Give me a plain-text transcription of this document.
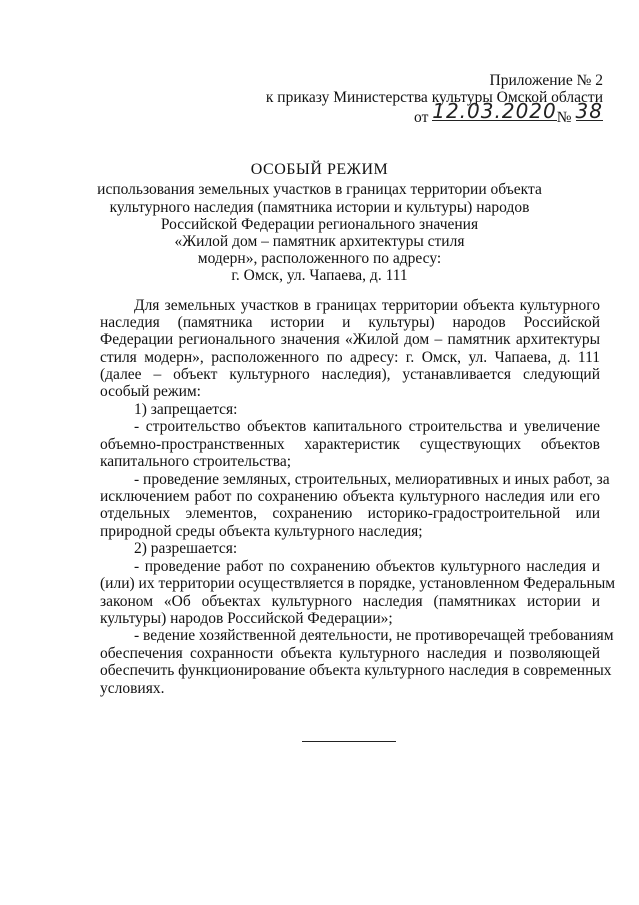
Приложение № 2
к приказу Министерства культуры Омской области
от 12.03.2020№ 38
ОСОБЫЙ РЕЖИМ
использования земельных участков в границах территории объекта
культурного наследия (памятника истории и культуры) народов
Российской Федерации регионального значения
«Жилой дом – памятник архитектуры стиля
модерн», расположенного по адресу:
г. Омск, ул. Чапаева, д. 111
Для земельных участков в границах территории объекта культурного
наследия (памятника истории и культуры) народов Российской
Федерации регионального значения «Жилой дом – памятник архитектуры
стиля модерн», расположенного по адресу: г. Омск, ул. Чапаева, д. 111
(далее – объект культурного наследия), устанавливается следующий
особый режим:
1) запрещается:
- строительство объектов капитального строительства и увеличение
объемно-пространственных характеристик существующих объектов
капитального строительства;
- проведение земляных, строительных, мелиоративных и иных работ, за
исключением работ по сохранению объекта культурного наследия или его
отдельных элементов, сохранению историко-градостроительной или
природной среды объекта культурного наследия;
2) разрешается:
- проведение работ по сохранению объектов культурного наследия и
(или) их территории осуществляется в порядке, установленном Федеральным
законом «Об объектах культурного наследия (памятниках истории и
культуры) народов Российской Федерации»;
- ведение хозяйственной деятельности, не противоречащей требованиям
обеспечения сохранности объекта культурного наследия и позволяющей
обеспечить функционирование объекта культурного наследия в современных
условиях.
